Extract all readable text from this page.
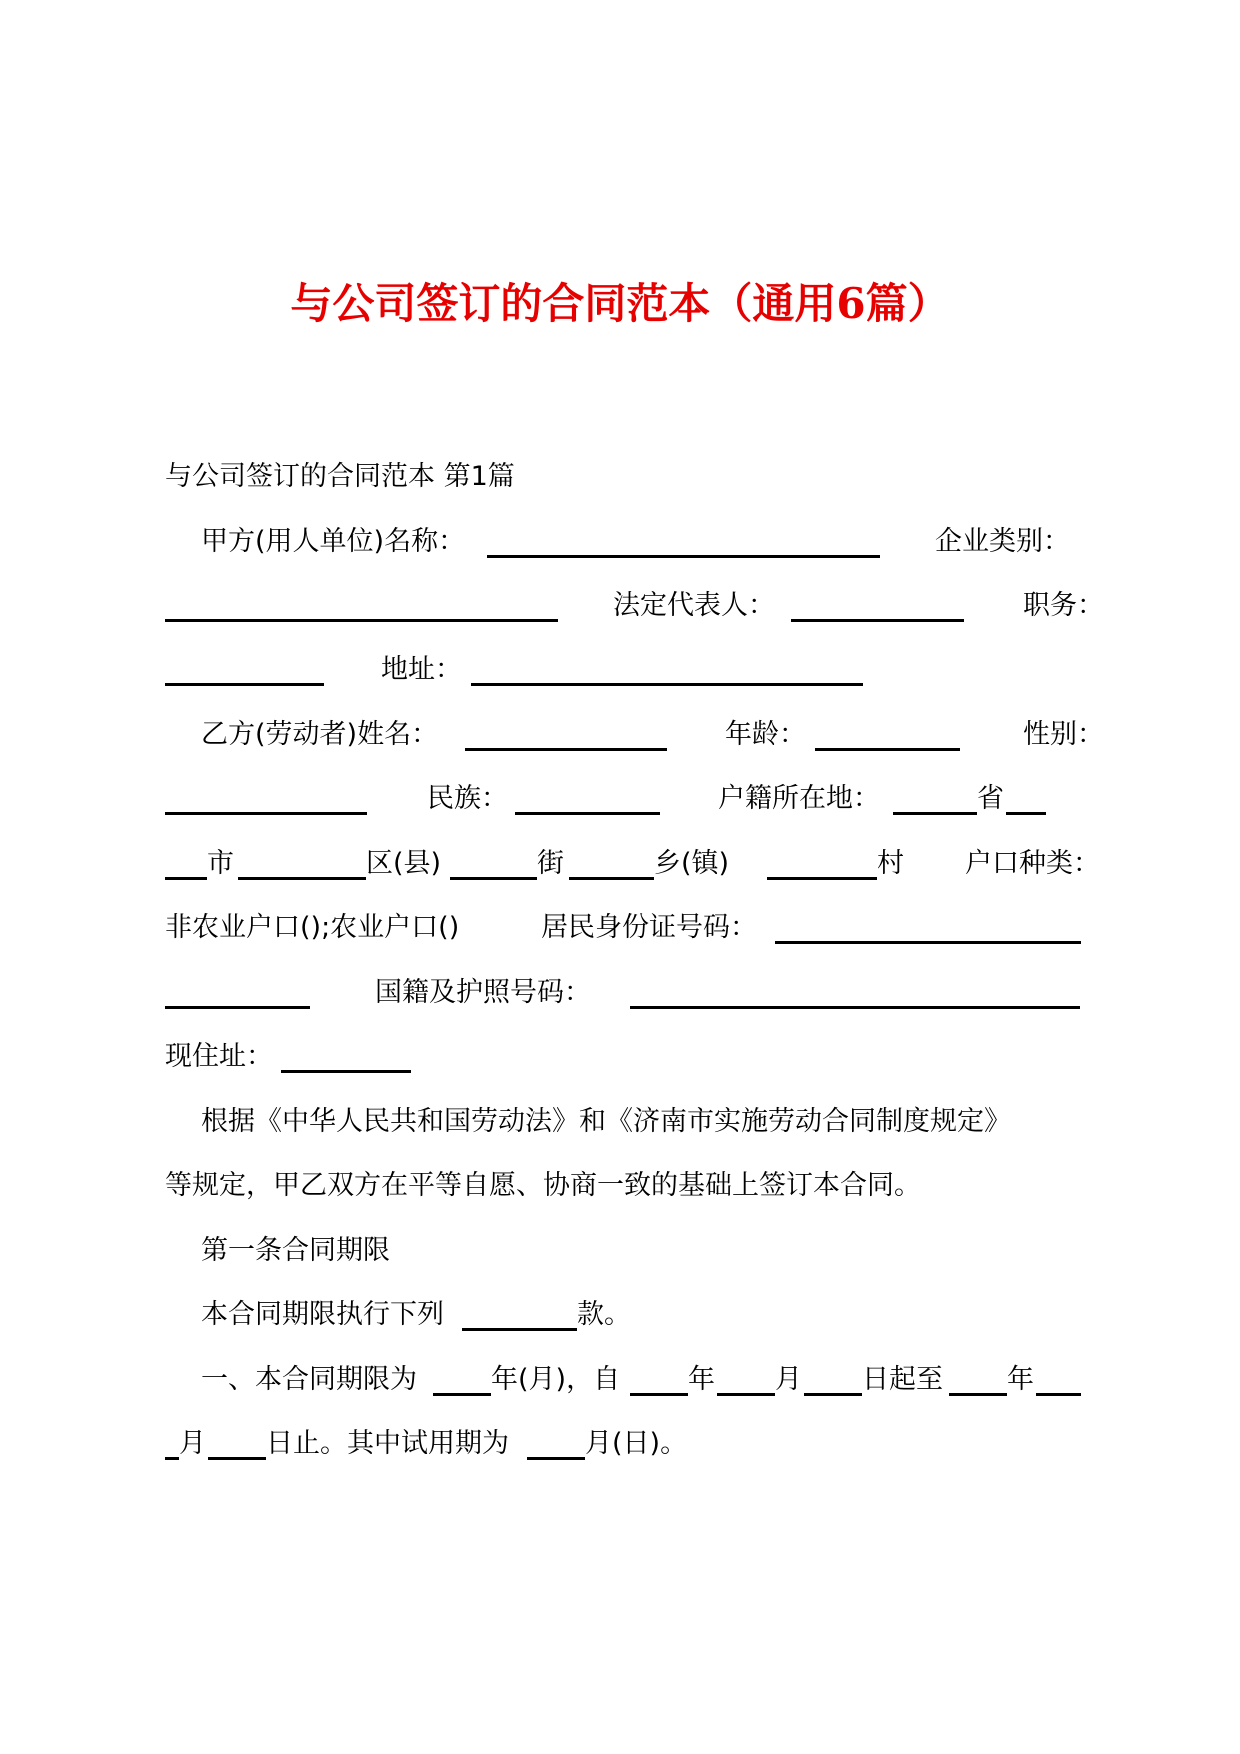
与公司签订的合同范本（通用6篇）
与公司签订的合同范本 第1篇
甲方(用人单位)名称：	企业类别：
法定代表人：	职务：
地址：
乙方(劳动者)姓名：	年龄：	性别：
民族：	户籍所在地：	省
市	区(县)	街	乡(镇)	村 户口种类：
非农业户口();农业户口()	居民身份证号码：
国籍及护照号码：
现住址：
根据《中华人民共和国劳动法》和《济南市实施劳动合同制度规定》
等规定，甲乙双方在平等自愿、协商一致的基础上签订本合同。
第一条合同期限
本合同期限执行下列	款。
一、本合同期限为	年(月)，自	年 月 日起至 年
月 日止。其中试用期为	月(日)。
